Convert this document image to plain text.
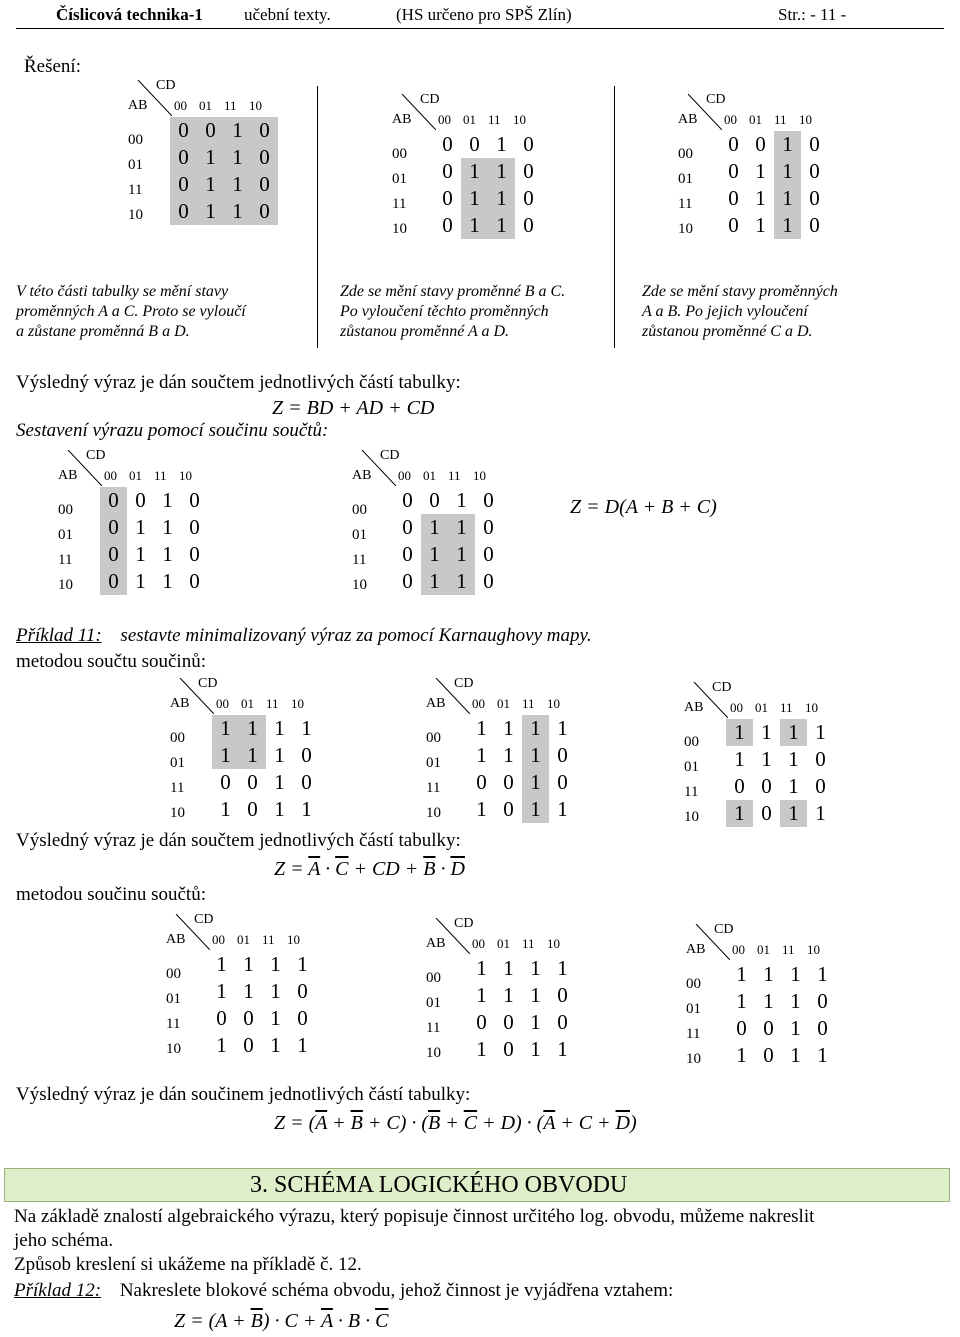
Číslicová technika-1 učební texty.	(HS určeno pro SPŠ Zlín)	Str.: - 11 -
Řešení:
CD
AB 00 01 11 10
00
01
11
10
0 0 1 0
0 1 1 0
0 1 1 0
0 1 1 0
CD
AB 00 01 11 10
00
01
11
10
0 0 1 0
0 1 1 0
0 1 1 0
0 1 1 0
CD
AB 00 01 11 10
00
01
11
10
0 0 1 0
0 1 1 0
0 1 1 0
0 1 1 0
CD
AB 00 01 11 10
00
01
11
10
0 0 1 0
0 1 1 0
0 1 1 0
0 1 1 0
CD
AB 00 01 11 10
00
01
11
10
0 0 1 0
0 1 1 0
0 1 1 0
0 1 1 0
CD
AB 00 01 11 10
00
01
11
10
1 1 1 1
1 1 1 0
0 0 1 0
1 0 1 1
CD
AB 00 01 11 10
00
01
11
10
1 1 1 1
1 1 1 0
0 0 1 0
1 0 1 1
CD
AB 00 01 11 10
00
01
11
10
1 1 1 1
1 1 1 0
0 0 1 0
1 0 1 1
CD
AB 00 01 11 10
00
01
11
10
1 1 1 1
1 1 1 0
0 0 1 0
1 0 1 1
CD
AB 00 01 11 10
00
01
11
10
1 1 1 1
1 1 1 0
0 0 1 0
1 0 1 1
CD
AB 00 01 11 10
00
01
11
10
1 1 1 1
1 1 1 0
0 0 1 0
1 0 1 1
V této části tabulky se mění stavy
proměnných A a C. Proto se vyloučí
a zůstane proměnná B a D.
Zde se mění stavy proměnné B a C.
Po vyloučení těchto proměnných
zůstanou proměnné A a D.
Zde se mění stavy proměnných
A a B. Po jejich vyloučení
zůstanou proměnné C a D.
Výsledný výraz je dán součtem jednotlivých částí tabulky:
Z = BD + AD + CD
Sestavení výrazu pomocí součinu součtů:
Z = D(A + B + C)
Příklad 11: sestavte minimalizovaný výraz za pomocí Karnaughovy mapy.
metodou součtu součinů:
Výsledný výraz je dán součtem jednotlivých částí tabulky:
$Z = \overline{A} \cdot \overline{C}$ + CD + $\overline{B} \cdot \overline{D}$
metodou součinu součtů:
Výsledný výraz je dán součinem jednotlivých částí tabulky:
$Z = (\overline{A} + \overline{B} + C) \cdot (\overline{B} + \overline{C} + D) \cdot (\overline{A} + C + \overline{D})$
3. SCHÉMA LOGICKÉHO OBVODU
Na základě znalostí algebraického výrazu, který popisuje činnost určitého log. obvodu, můžeme nakreslit
jeho schéma.
Způsob kreslení si ukážeme na příkladě č. 12.
Příklad 12: Nakreslete blokové schéma obvodu, jehož činnost je vyjádřena vztahem:
$Z = (A + \overline{B}) \cdot C + \overline{A} \cdot B \cdot \overline{C}$
